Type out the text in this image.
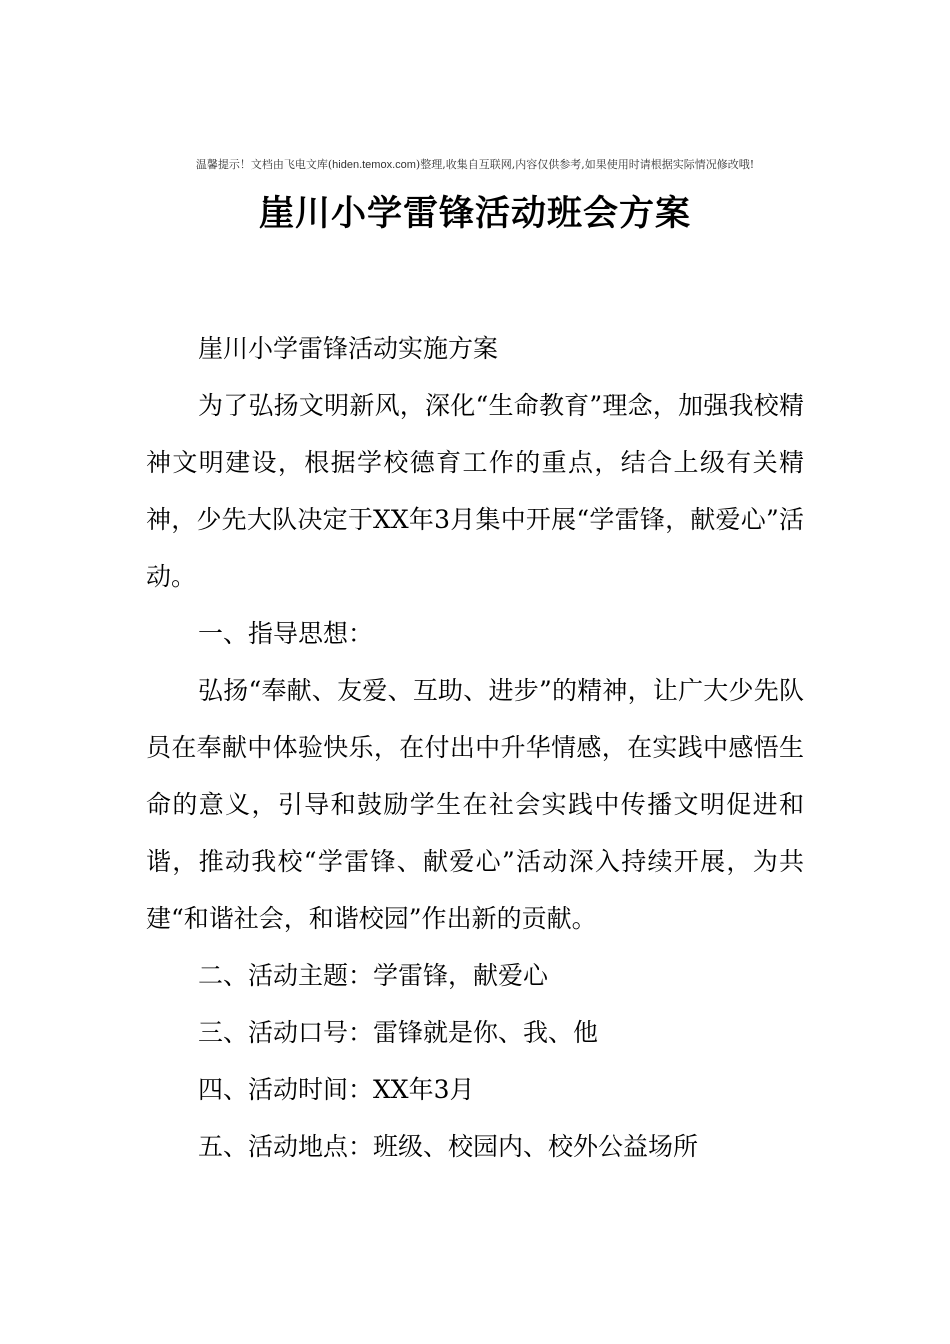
温馨提示！文档由飞电文库(hiden.temox.com)整理,收集自互联网,内容仅供参考,如果使用时请根据实际情况修改哦!
崖川小学雷锋活动班会方案

崖川小学雷锋活动实施方案

为了弘扬文明新风，深化“生命教育”理念，加强我校精神文明建设，根据学校德育工作的重点，结合上级有关精神，少先大队决定于XX年3月集中开展“学雷锋，献爱心”活动。

一、指导思想：

弘扬“奉献、友爱、互助、进步”的精神，让广大少先队员在奉献中体验快乐，在付出中升华情感，在实践中感悟生命的意义，引导和鼓励学生在社会实践中传播文明促进和谐，推动我校“学雷锋、献爱心”活动深入持续开展，为共建“和谐社会，和谐校园”作出新的贡献。

二、活动主题：学雷锋，献爱心

三、活动口号：雷锋就是你、我、他

四、活动时间：XX年3月

五、活动地点：班级、校园内、校外公益场所
